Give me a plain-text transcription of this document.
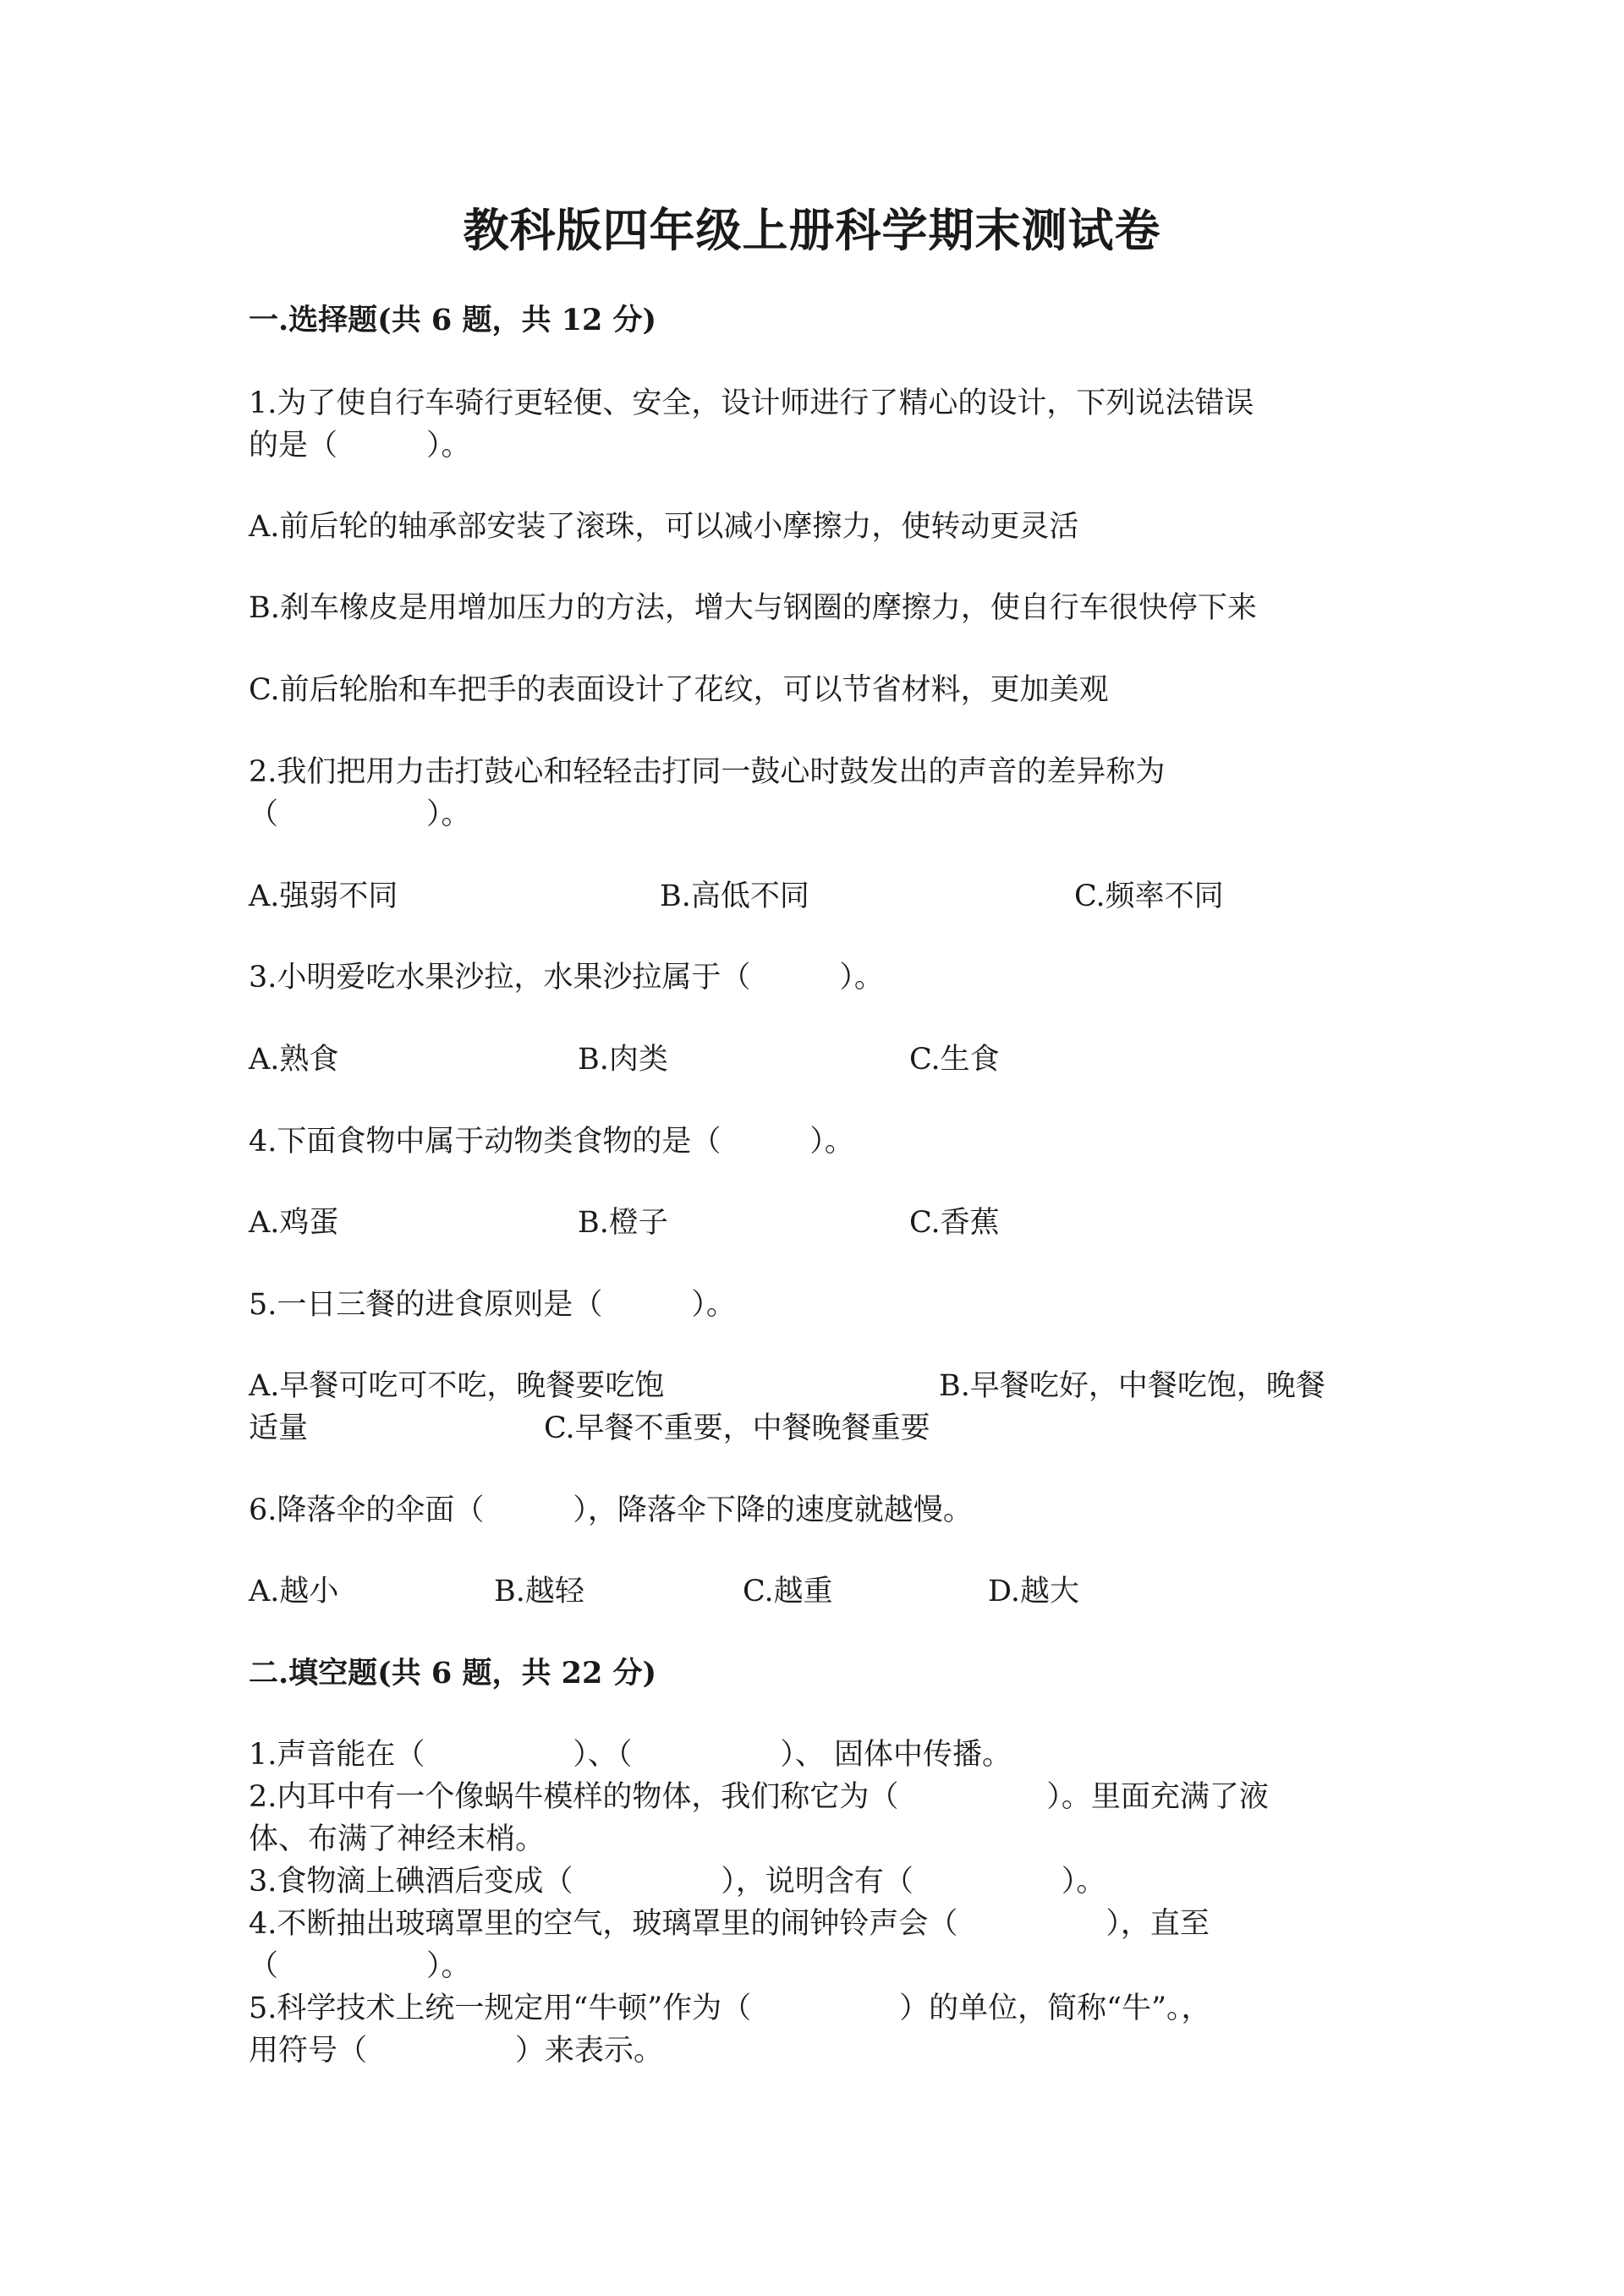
教科版四年级上册科学期末测试卷

一.选择题(共 6 题，共 12 分)

1.为了使自行车骑行更轻便、安全，设计师进行了精心的设计，下列说法错误

的是（　　　）。

A.前后轮的轴承部安装了滚珠，可以减小摩擦力，使转动更灵活

B.刹车橡皮是用增加压力的方法，增大与钢圈的摩擦力，使自行车很快停下来

C.前后轮胎和车把手的表面设计了花纹，可以节省材料，更加美观

2.我们把用力击打鼓心和轻轻击打同一鼓心时鼓发出的声音的差异称为

（　　　　　）。

A.强弱不同	B.高低不同	C.频率不同

3.小明爱吃水果沙拉，水果沙拉属于（　　　）。

A.熟食	B.肉类	C.生食

4.下面食物中属于动物类食物的是（　　　）。

A.鸡蛋	B.橙子	C.香蕉

5.一日三餐的进食原则是（　　　）。

A.早餐可吃可不吃，晚餐要吃饱	B.早餐吃好，中餐吃饱，晚餐

适量	C.早餐不重要，中餐晚餐重要

6.降落伞的伞面（　　　），降落伞下降的速度就越慢。

A.越小	B.越轻	C.越重	D.越大

二.填空题(共 6 题，共 22 分)

1.声音能在（　　　　　）、（　　　　　）、 固体中传播。

2.内耳中有一个像蜗牛模样的物体，我们称它为（　　　　　）。里面充满了液

体、布满了神经末梢。

3.食物滴上碘酒后变成（　　　　　），说明含有（　　　　　）。

4.不断抽出玻璃罩里的空气，玻璃罩里的闹钟铃声会（　　　　　），直至

（　　　　　）。

5.科学技术上统一规定用“牛顿”作为（　　　　　）的单位，简称“牛”。，

用符号（　　　　　）来表示。
